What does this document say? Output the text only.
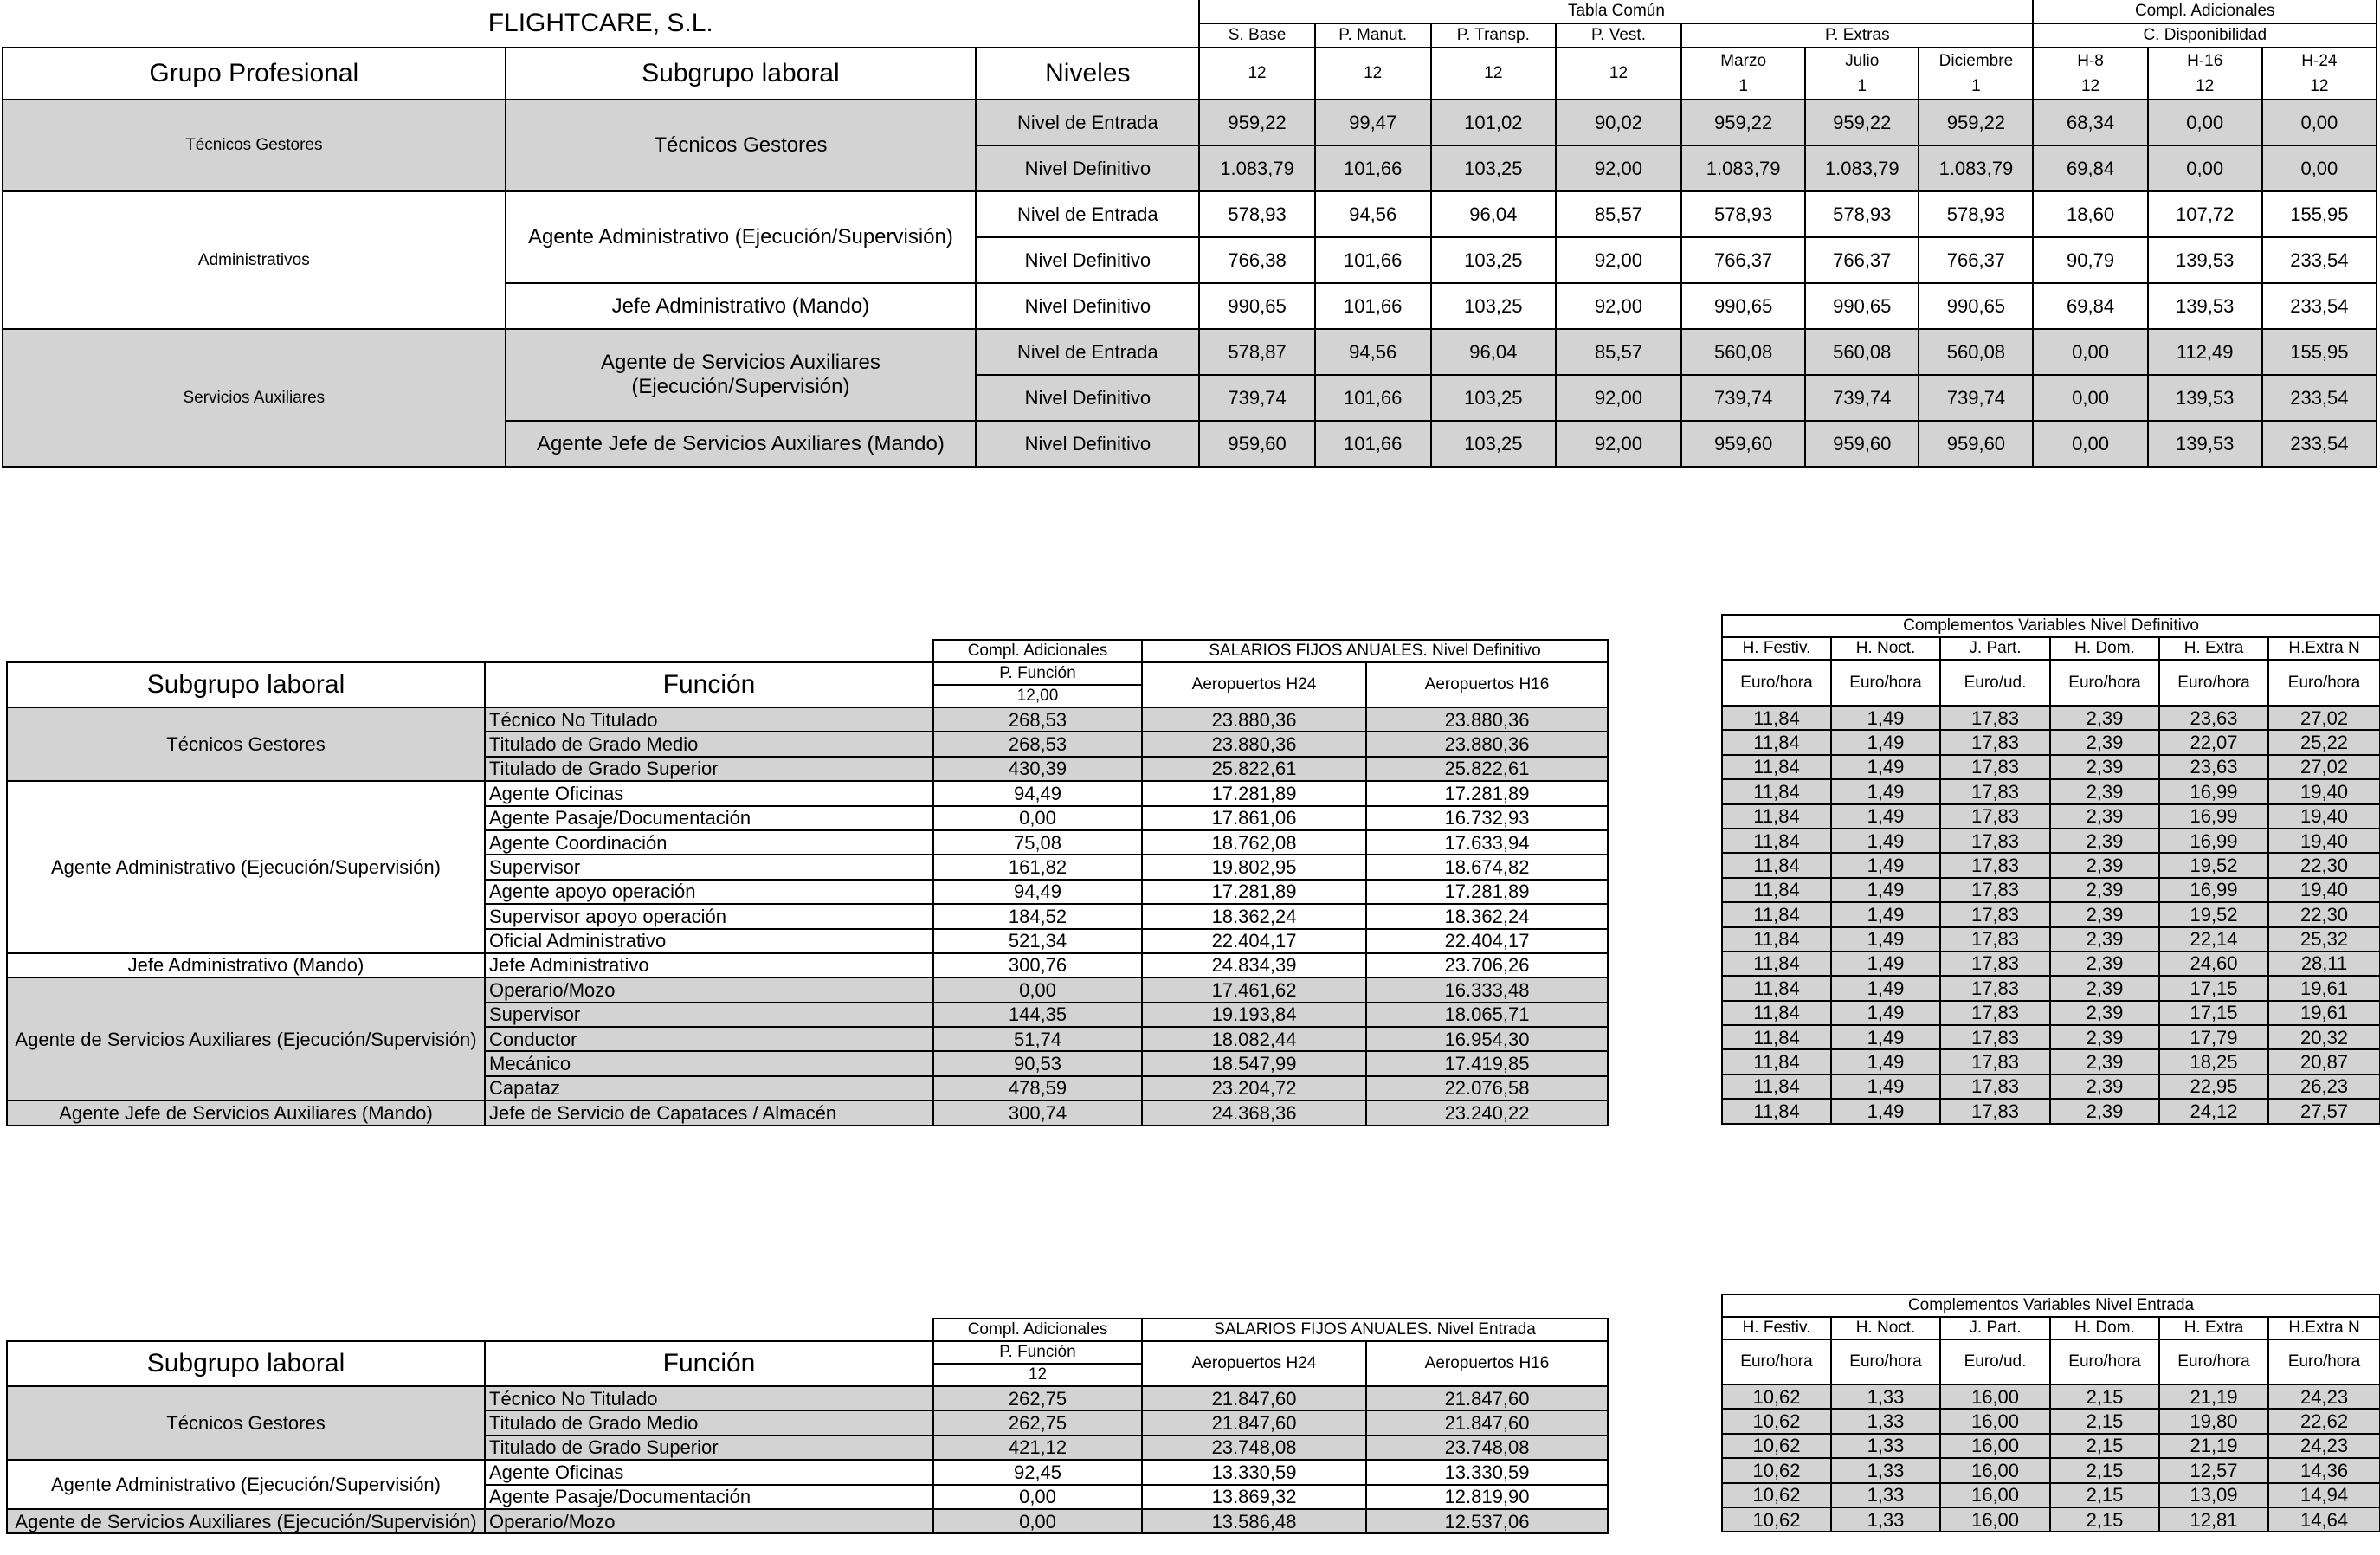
FLIGHTCARE, S.L.			Tabla Común							Compl. Adicionales		
			S. Base	P. Manut.	P. Transp.	P. Vest.	P. Extras			C. Disponibilidad		
Grupo Profesional	Subgrupo laboral	Niveles	12	12	12	12	Marzo	Julio	Diciembre	H-8	H-16	H-24
							1	1	1	12	12	12
Técnicos Gestores	Técnicos Gestores	Nivel de Entrada	959,22	99,47	101,02	90,02	959,22	959,22	959,22	68,34	0,00	0,00
		Nivel Definitivo	1.083,79	101,66	103,25	92,00	1.083,79	1.083,79	1.083,79	69,84	0,00	0,00
Administrativos	Agente Administrativo (Ejecución/Supervisión)	Nivel de Entrada	578,93	94,56	96,04	85,57	578,93	578,93	578,93	18,60	107,72	155,95
		Nivel Definitivo	766,38	101,66	103,25	92,00	766,37	766,37	766,37	90,79	139,53	233,54
	Jefe Administrativo (Mando)	Nivel Definitivo	990,65	101,66	103,25	92,00	990,65	990,65	990,65	69,84	139,53	233,54
Servicios Auxiliares	Agente de Servicios Auxiliares (Ejecución/Supervisión)	Nivel de Entrada	578,87	94,56	96,04	85,57	560,08	560,08	560,08	0,00	112,49	155,95
		Nivel Definitivo	739,74	101,66	103,25	92,00	739,74	739,74	739,74	0,00	139,53	233,54
	Agente Jefe de Servicios Auxiliares (Mando)	Nivel Definitivo	959,60	101,66	103,25	92,00	959,60	959,60	959,60	0,00	139,53	233,54
		Compl. Adicionales	SALARIOS FIJOS ANUALES. Nivel Definitivo	
Subgrupo laboral	Función	P. Función	Aeropuertos H24	Aeropuertos H16
		12,00		
Técnicos Gestores	Técnico No Titulado	268,53	23.880,36	23.880,36
	Titulado de Grado Medio	268,53	23.880,36	23.880,36
	Titulado de Grado Superior	430,39	25.822,61	25.822,61
Agente Administrativo (Ejecución/Supervisión)	Agente Oficinas	94,49	17.281,89	17.281,89
	Agente Pasaje/Documentación	0,00	17.861,06	16.732,93
	Agente Coordinación	75,08	18.762,08	17.633,94
	Supervisor	161,82	19.802,95	18.674,82
	Agente apoyo operación	94,49	17.281,89	17.281,89
	Supervisor apoyo operación	184,52	18.362,24	18.362,24
	Oficial Administrativo	521,34	22.404,17	22.404,17
Jefe Administrativo (Mando)	Jefe Administrativo	300,76	24.834,39	23.706,26
Agente de Servicios Auxiliares (Ejecución/Supervisión)	Operario/Mozo	0,00	17.461,62	16.333,48
	Supervisor	144,35	19.193,84	18.065,71
	Conductor	51,74	18.082,44	16.954,30
	Mecánico	90,53	18.547,99	17.419,85
	Capataz	478,59	23.204,72	22.076,58
Agente Jefe de Servicios Auxiliares (Mando)	Jefe de Servicio de Capataces / Almacén	300,74	24.368,36	23.240,22
Complementos Variables Nivel Definitivo					
H. Festiv.	H. Noct.	J. Part.	H. Dom.	H. Extra	H.Extra N
Euro/hora	Euro/hora	Euro/ud.	Euro/hora	Euro/hora	Euro/hora
11,84	1,49	17,83	2,39	23,63	27,02
11,84	1,49	17,83	2,39	22,07	25,22
11,84	1,49	17,83	2,39	23,63	27,02
11,84	1,49	17,83	2,39	16,99	19,40
11,84	1,49	17,83	2,39	16,99	19,40
11,84	1,49	17,83	2,39	16,99	19,40
11,84	1,49	17,83	2,39	19,52	22,30
11,84	1,49	17,83	2,39	16,99	19,40
11,84	1,49	17,83	2,39	19,52	22,30
11,84	1,49	17,83	2,39	22,14	25,32
11,84	1,49	17,83	2,39	24,60	28,11
11,84	1,49	17,83	2,39	17,15	19,61
11,84	1,49	17,83	2,39	17,15	19,61
11,84	1,49	17,83	2,39	17,79	20,32
11,84	1,49	17,83	2,39	18,25	20,87
11,84	1,49	17,83	2,39	22,95	26,23
11,84	1,49	17,83	2,39	24,12	27,57
		Compl. Adicionales	SALARIOS FIJOS ANUALES. Nivel Entrada	
Subgrupo laboral	Función	P. Función	Aeropuertos H24	Aeropuertos H16
		12		
Técnicos Gestores	Técnico No Titulado	262,75	21.847,60	21.847,60
	Titulado de Grado Medio	262,75	21.847,60	21.847,60
	Titulado de Grado Superior	421,12	23.748,08	23.748,08
Agente Administrativo (Ejecución/Supervisión)	Agente Oficinas	92,45	13.330,59	13.330,59
	Agente Pasaje/Documentación	0,00	13.869,32	12.819,90
Agente de Servicios Auxiliares (Ejecución/Supervisión)	Operario/Mozo	0,00	13.586,48	12.537,06
Complementos Variables Nivel Entrada					
H. Festiv.	H. Noct.	J. Part.	H. Dom.	H. Extra	H.Extra N
Euro/hora	Euro/hora	Euro/ud.	Euro/hora	Euro/hora	Euro/hora
10,62	1,33	16,00	2,15	21,19	24,23
10,62	1,33	16,00	2,15	19,80	22,62
10,62	1,33	16,00	2,15	21,19	24,23
10,62	1,33	16,00	2,15	12,57	14,36
10,62	1,33	16,00	2,15	13,09	14,94
10,62	1,33	16,00	2,15	12,81	14,64
